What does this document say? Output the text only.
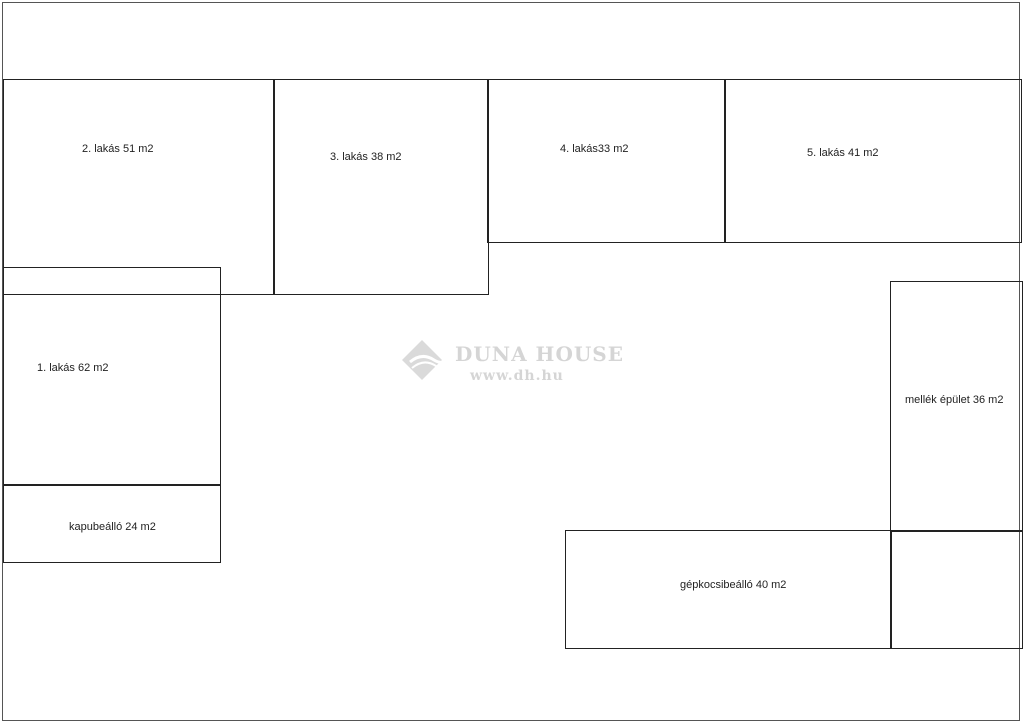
2. lakás 51 m2
3. lakás 38 m2
4. lakás33 m2	5. lakás 41 m2
1. lakás 62 m2
kapubeálló 24 m2
mellék épület 36 m2
gépkocsibeálló 40 m2
DUNA HOUSE
www.dh.hu
